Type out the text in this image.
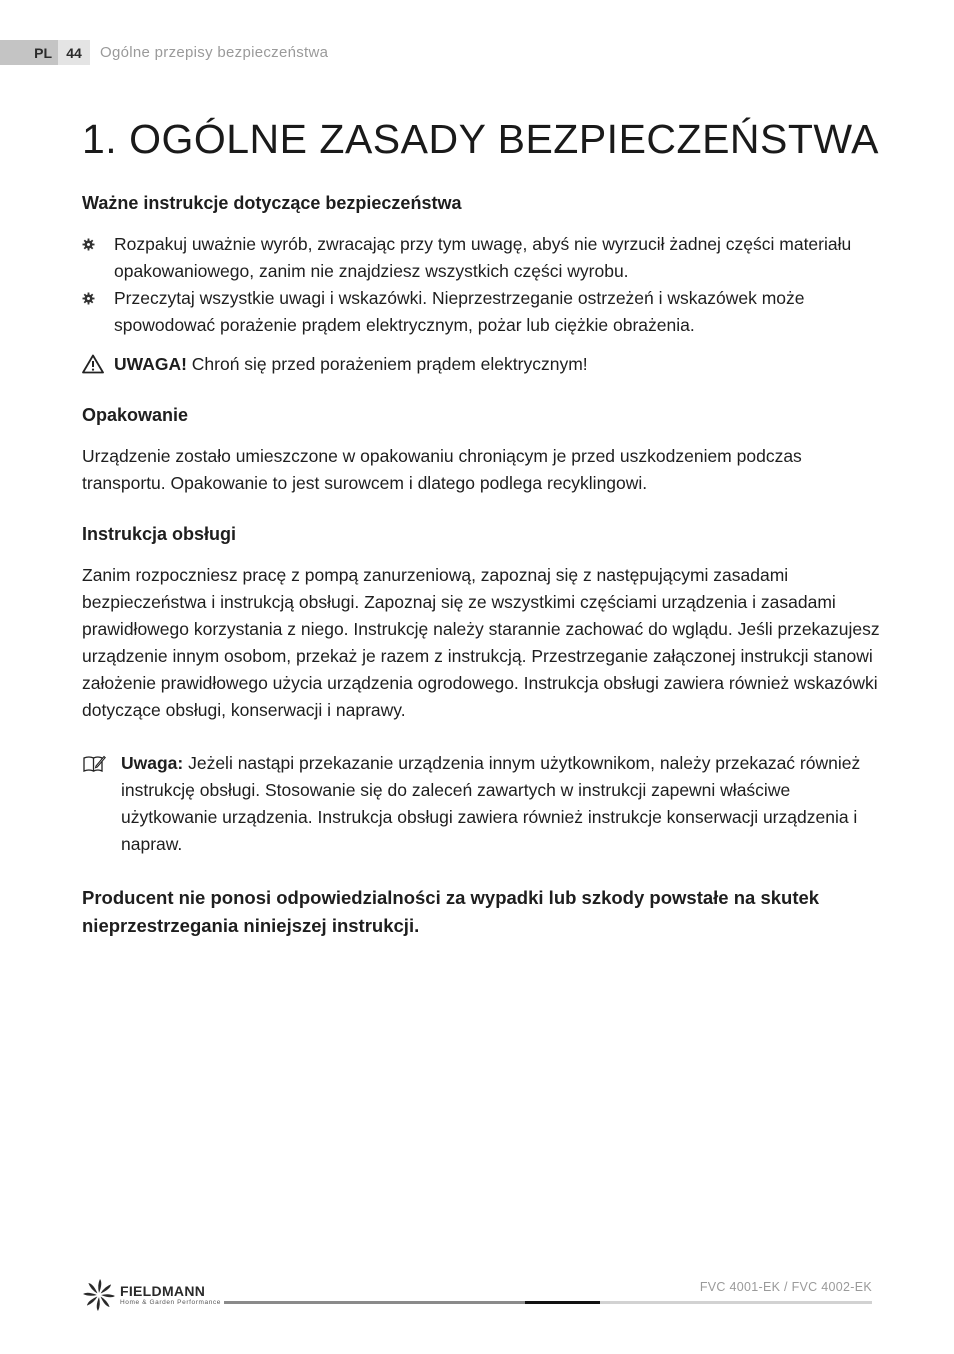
PL	44	Ogólne przepisy bezpieczeństwa
1. OGÓLNE ZASADY BEZPIECZEŃSTWA
Ważne instrukcje dotyczące bezpieczeństwa
Rozpakuj uważnie wyrób, zwracając przy tym uwagę, abyś nie wyrzucił żadnej części materiału opakowaniowego, zanim nie znajdziesz wszystkich części wyrobu.
Przeczytaj wszystkie uwagi i wskazówki. Nieprzestrzeganie ostrzeżeń i wskazówek może spowodować porażenie prądem elektrycznym, pożar lub ciężkie obrażenia.
UWAGA! Chroń się przed porażeniem prądem elektrycznym!
Opakowanie

Urządzenie zostało umieszczone w opakowaniu chroniącym je przed uszkodzeniem podczas transportu. Opakowanie to jest surowcem i dlatego podlega recyklingowi.

Instrukcja obsługi

Zanim rozpoczniesz pracę z pompą zanurzeniową, zapoznaj się z następującymi zasadami bezpieczeństwa i instrukcją obsługi. Zapoznaj się ze wszystkimi częściami urządzenia i zasadami prawidłowego korzystania z niego. Instrukcję należy starannie zachować do wglądu. Jeśli przekazujesz urządzenie innym osobom, przekaż je razem z instrukcją. Przestrzeganie załączonej instrukcji stanowi założenie prawidłowego użycia urządzenia ogrodowego. Instrukcja obsługi zawiera również wskazówki dotyczące obsługi, konserwacji i naprawy.

Uwaga: Jeżeli nastąpi przekazanie urządzenia innym użytkownikom, należy przekazać również instrukcję obsługi. Stosowanie się do zaleceń zawartych w instrukcji zapewni właściwe użytkowanie urządzenia. Instrukcja obsługi zawiera również instrukcje konserwacji urządzenia i napraw.

Producent nie ponosi odpowiedzialności za wypadki lub szkody powstałe na skutek nieprzestrzegania niniejszej instrukcji.

FIELDMANN
Home & Garden Performance
FVC 4001-EK / FVC 4002-EK
